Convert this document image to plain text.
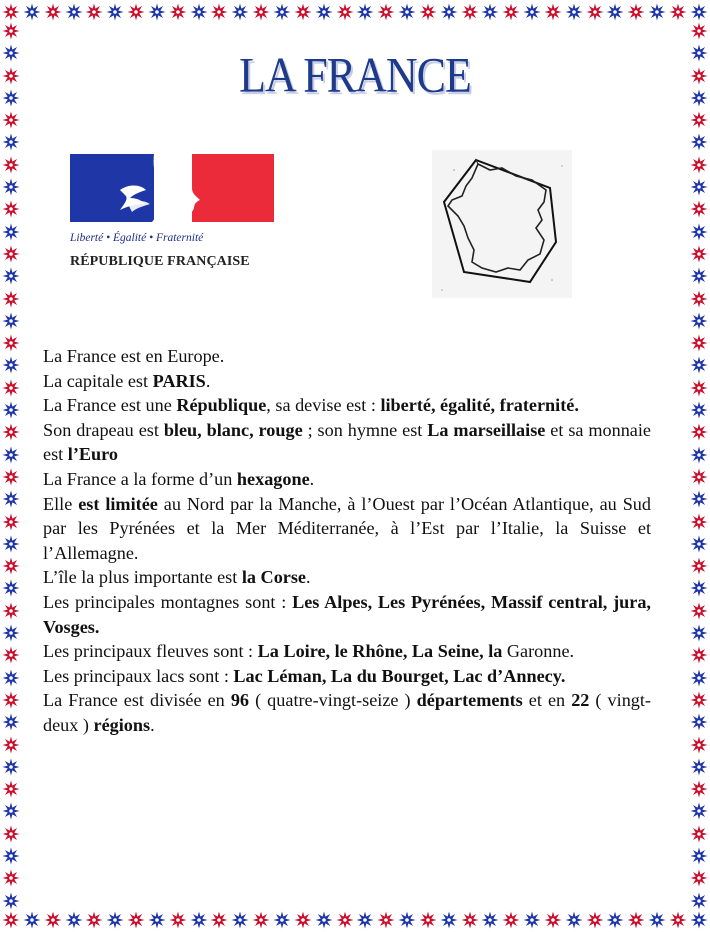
LA FRANCE
Liberté • Égalité • Fraternité
RÉPUBLIQUE FRANÇAISE

La France est en Europe.

La capitale est PARIS.

La France est une République, sa devise est : liberté, égalité, fraternité.

Son drapeau est bleu, blanc, rouge ; son hymne est La marseillaise et sa monnaie est l’Euro

La France a la forme d’un hexagone.

Elle est limitée au Nord par la Manche, à l’Ouest par l’Océan Atlantique, au Sud par les Pyrénées et la Mer Méditerranée, à l’Est par l’Italie, la Suisse et l’Allemagne.

L’île la plus importante est la Corse.

Les principales montagnes sont : Les Alpes, Les Pyrénées, Massif central, jura, Vosges.

Les principaux fleuves sont : La Loire, le Rhône, La Seine, la Garonne.

Les principaux lacs sont : Lac Léman, La du Bourget, Lac d’Annecy.

La France est divisée en 96 ( quatre-vingt-seize ) départements et en 22 ( vingt-deux ) régions.
